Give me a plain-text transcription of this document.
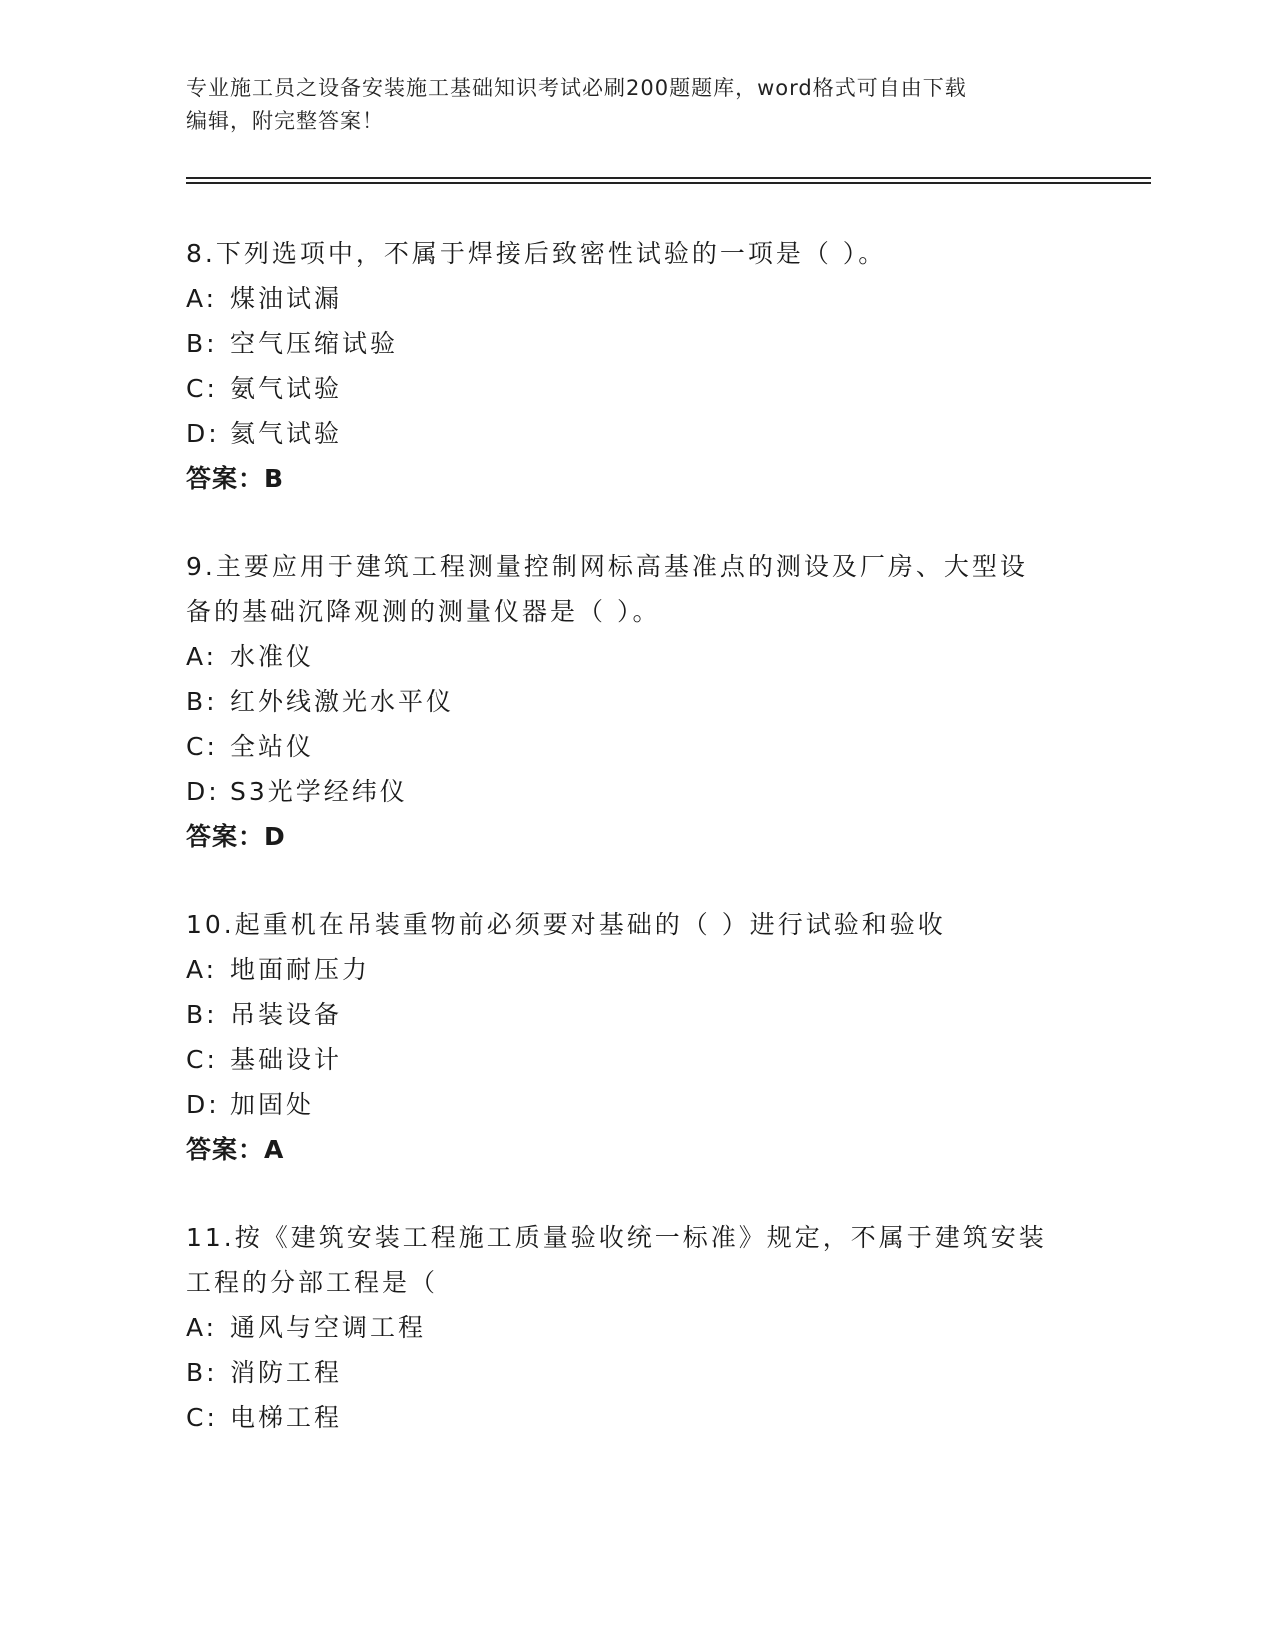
专业施工员之设备安装施工基础知识考试必刷200题题库，word格式可自由下载
编辑，附完整答案！

8.下列选项中，不属于焊接后致密性试验的一项是（ ）。

A: 煤油试漏

B: 空气压缩试验

C: 氨气试验

D: 氦气试验

答案：B

9.主要应用于建筑工程测量控制网标高基准点的测设及厂房、大型设

备的基础沉降观测的测量仪器是（ ）。

A: 水准仪

B: 红外线激光水平仪

C: 全站仪

D: S3光学经纬仪

答案：D

10.起重机在吊装重物前必须要对基础的（ ）进行试验和验收

A: 地面耐压力

B: 吊装设备

C: 基础设计

D: 加固处

答案：A

11.按《建筑安装工程施工质量验收统一标准》规定，不属于建筑安装

工程的分部工程是（

A: 通风与空调工程

B: 消防工程

C: 电梯工程
